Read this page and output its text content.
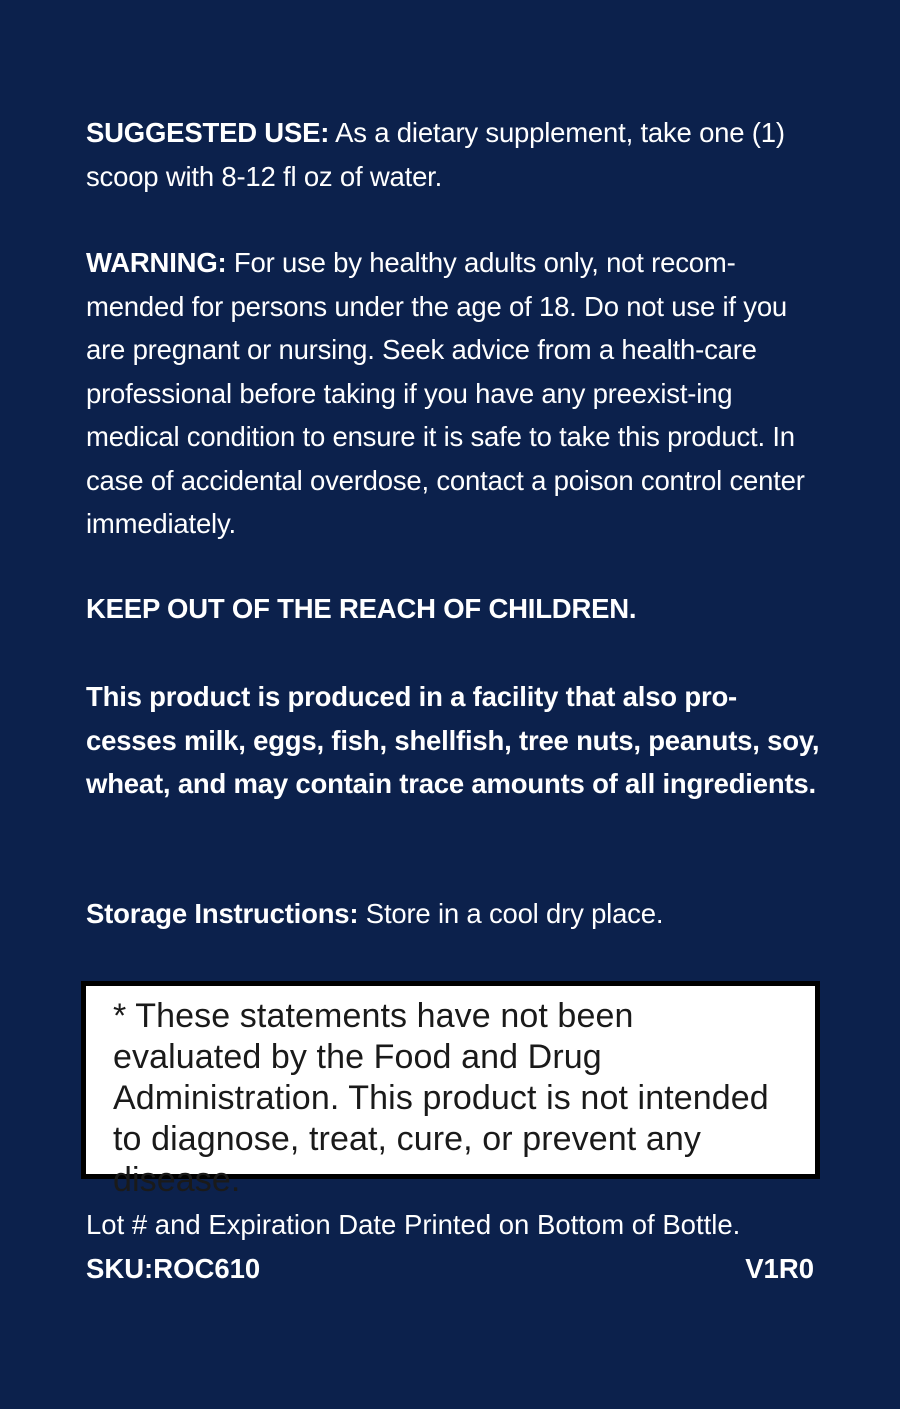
SUGGESTED USE: As a dietary supplement, take one (1) scoop with 8-12 fl oz of water.
WARNING: For use by healthy adults only, not recom-mended for persons under the age of 18. Do not use if you are pregnant or nursing. Seek advice from a health-care professional before taking if you have any preexist-ing medical condition to ensure it is safe to take this product. In case of accidental overdose, contact a poison control center immediately.
KEEP OUT OF THE REACH OF CHILDREN.
This product is produced in a facility that also pro-cesses milk, eggs, fish, shellfish, tree nuts, peanuts, soy, wheat, and may contain trace amounts of all ingredients.
Storage Instructions: Store in a cool dry place.
* These statements have not been evaluated by the Food and Drug Administration. This product is not intended to diagnose, treat, cure, or prevent any disease.
Lot # and Expiration Date Printed on Bottom of Bottle.
SKU:ROC610	V1R0
